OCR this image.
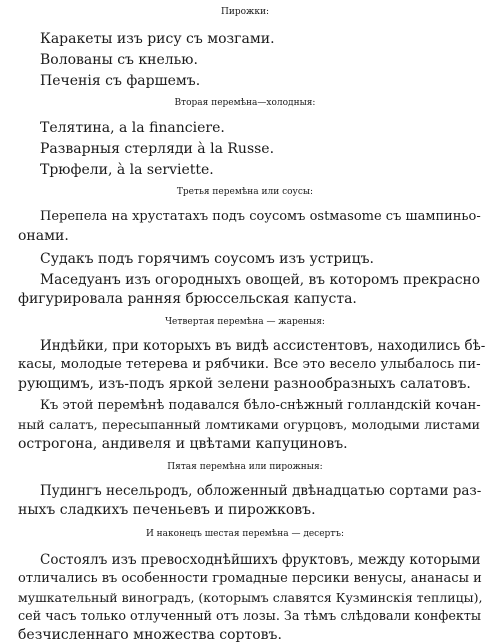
Пирожки:
Каракеты изъ рису съ мозгами.
Волованы съ кнелью.
Печенія съ фаршемъ.
Вторая перемѣна—холодныя:
Телятина, а la financiere.
Разварныя стерляди à la Russe.
Трюфели, à la serviette.
Третья перемѣна или соусы:
Перепела на хрустатахъ подъ соусомъ ostмasome съ шампиньо-
онами.
Судакъ подъ горячимъ соусомъ изъ устрицъ.
Маседуанъ изъ огородныхъ овощей, въ которомъ прекрасно
фигурировала ранняя брюссельская капуста.
Четвертая перемѣна — жареныя:
Индѣйки, при которыхъ въ видѣ ассистентовъ, находились бѣ-
касы, молодые тетерева и рябчики. Все это весело улыбалось пи-
рующимъ, изъ-подъ яркой зелени разнообразныхъ салатовъ.
Къ этой перемѣнѣ подавался бѣло-снѣжный голландскій кочан-
ный салатъ, пересыпанный ломтиками огурцовъ, молодыми листами
острогона, андивеля и цвѣтами капуциновъ.
Пятая перемѣна или пирожныя:
Пудингъ несельродъ, обложенный двѣнадцатью сортами раз-
ныхъ сладкихъ печеньевъ и пирожковъ.
И наконецъ шестая перемѣна — десертъ:
Состоялъ изъ превосходнѣйшихъ фруктовъ, между которыми
отличались въ особенности громадные персики венусы, ананасы и
мушкательный виноградъ, (которымъ славятся Кузминскія теплицы),
сей часъ только отлученный отъ лозы. За тѣмъ слѣдовали конфекты
безчисленнаго множества сортовъ.
